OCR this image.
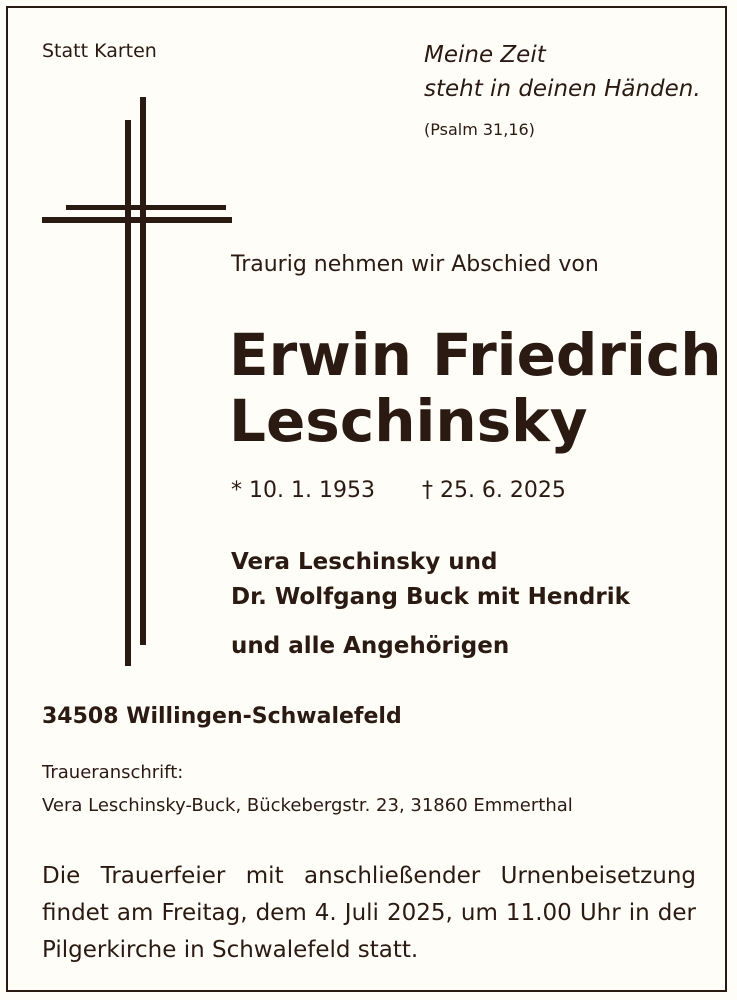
Statt Karten	Meine Zeit
steht in deinen Händen.
(Psalm 31,16)
Traurig nehmen wir Abschied von
Erwin Friedrich
Leschinsky
* 10. 1. 1953 † 25. 6. 2025
Vera Leschinsky und
Dr. Wolfgang Buck mit Hendrik
und alle Angehörigen
34508 Willingen-Schwalefeld
Traueranschrift:
Vera Leschinsky-Buck, Bückebergstr. 23, 31860 Emmerthal
Die Trauerfeier mit anschließender Urnenbeisetzung findet am Freitag, dem 4. Juli 2025, um 11.00 Uhr in der Pilgerkirche in Schwalefeld statt.
